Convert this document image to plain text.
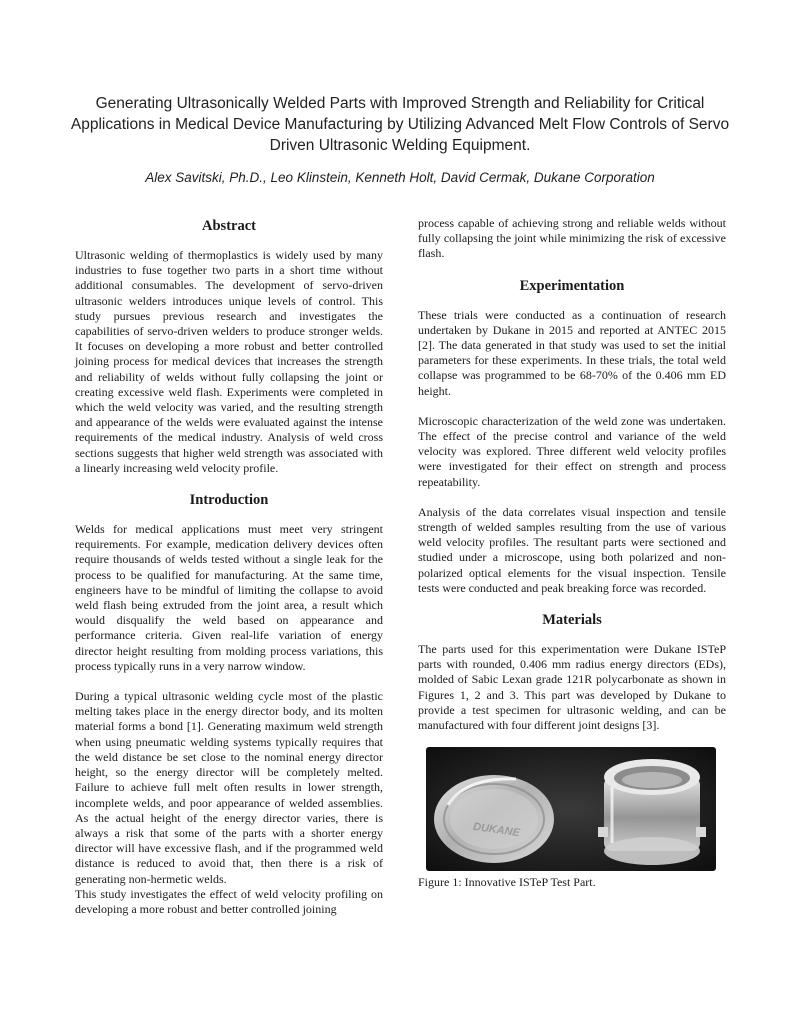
Generating Ultrasonically Welded Parts with Improved Strength and Reliability for Critical Applications in Medical Device Manufacturing by Utilizing Advanced Melt Flow Controls of Servo Driven Ultrasonic Welding Equipment.
Alex Savitski, Ph.D., Leo Klinstein, Kenneth Holt, David Cermak, Dukane Corporation
Abstract

Ultrasonic welding of thermoplastics is widely used by many industries to fuse together two parts in a short time without additional consumables. The development of servo-driven ultrasonic welders introduces unique levels of control. This study pursues previous research and investigates the capabilities of servo-driven welders to produce stronger welds. It focuses on developing a more robust and better controlled joining process for medical devices that increases the strength and reliability of welds without fully collapsing the joint or creating excessive weld flash. Experiments were completed in which the weld velocity was varied, and the resulting strength and appearance of the welds were evaluated against the intense requirements of the medical industry. Analysis of weld cross sections suggests that higher weld strength was associated with a linearly increasing weld velocity profile.

Introduction

Welds for medical applications must meet very stringent requirements. For example, medication delivery devices often require thousands of welds tested without a single leak for the process to be qualified for manufacturing. At the same time, engineers have to be mindful of limiting the collapse to avoid weld flash being extruded from the joint area, a result which would disqualify the weld based on appearance and performance criteria. Given real-life variation of energy director height resulting from molding process variations, this process typically runs in a very narrow window.

During a typical ultrasonic welding cycle most of the plastic melting takes place in the energy director body, and its molten material forms a bond [1]. Generating maximum weld strength when using pneumatic welding systems typically requires that the weld distance be set close to the nominal energy director height, so the energy director will be completely melted. Failure to achieve full melt often results in lower strength, incomplete welds, and poor appearance of welded assemblies. As the actual height of the energy director varies, there is always a risk that some of the parts with a shorter energy director will have excessive flash, and if the programmed weld distance is reduced to avoid that, then there is a risk of generating non-hermetic welds.

This study investigates the effect of weld velocity profiling on developing a more robust and better controlled joining

process capable of achieving strong and reliable welds without fully collapsing the joint while minimizing the risk of excessive flash.

Experimentation

These trials were conducted as a continuation of research undertaken by Dukane in 2015 and reported at ANTEC 2015 [2]. The data generated in that study was used to set the initial parameters for these experiments. In these trials, the total weld collapse was programmed to be 68-70% of the 0.406 mm ED height.

Microscopic characterization of the weld zone was undertaken. The effect of the precise control and variance of the weld velocity was explored. Three different weld velocity profiles were investigated for their effect on strength and process repeatability.

Analysis of the data correlates visual inspection and tensile strength of welded samples resulting from the use of various weld velocity profiles. The resultant parts were sectioned and studied under a microscope, using both polarized and non-polarized optical elements for the visual inspection. Tensile tests were conducted and peak breaking force was recorded.

Materials

The parts used for this experimentation were Dukane ISTeP parts with rounded, 0.406 mm radius energy directors (EDs), molded of Sabic Lexan grade 121R polycarbonate as shown in Figures 1, 2 and 3. This part was developed by Dukane to provide a test specimen for ultrasonic welding, and can be manufactured with four different joint designs [3].

DUKANE
Figure 1: Innovative ISTeP Test Part.
